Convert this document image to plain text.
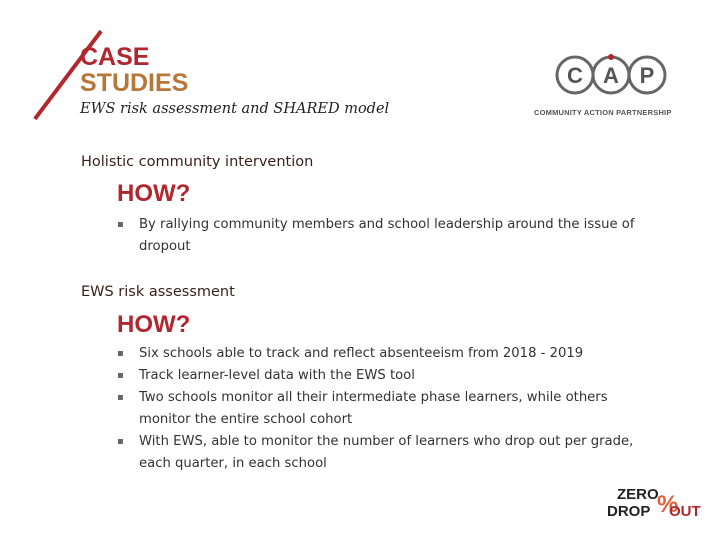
CASE
STUDIES
EWS risk assessment and SHARED model
C A P
COMMUNITY ACTION PARTNERSHIP
Holistic community intervention
HOW?
▪ By rallying community members and school leadership around the issue of dropout
EWS risk assessment
HOW?
▪ Six schools able to track and reflect absenteeism from 2018 - 2019
▪ Track learner-level data with the EWS tool
▪ Two schools monitor all their intermediate phase learners, while others monitor the entire school cohort
▪ With EWS, able to monitor the number of learners who drop out per grade, each quarter, in each school
ZERO
DROP %
OUT
